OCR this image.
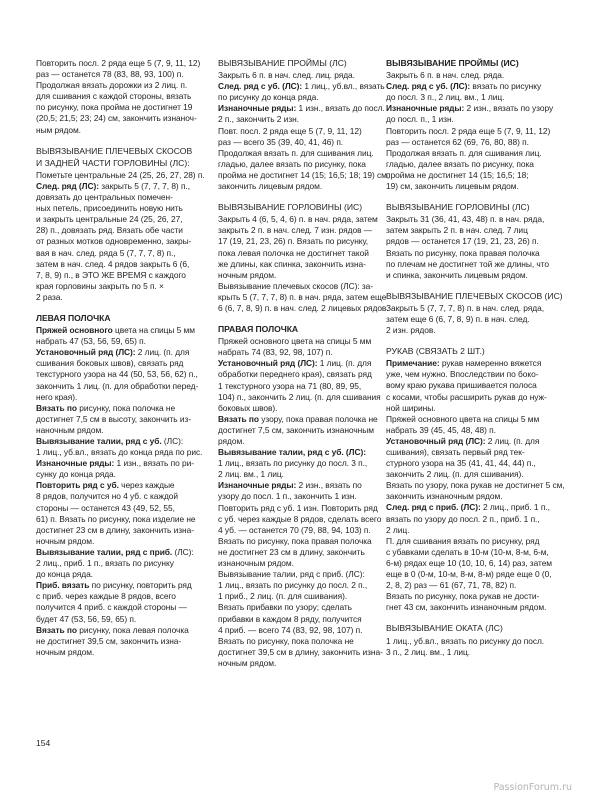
Повторить посл. 2 ряда еще 5 (7, 9, 11, 12)
раз — останется 78 (83, 88, 93, 100) п.
Продолжая вязать дорожки из 2 лиц. п.
для сшивания с каждой стороны, вязать
по рисунку, пока пройма не достигнет 19
(20,5; 21,5; 23; 24) см, закончить изнаноч-
ным рядом.
ВЫВЯЗЫВАНИЕ ПЛЕЧЕВЫХ СКОСОВ
И ЗАДНЕЙ ЧАСТИ ГОРЛОВИНЫ (ЛС):
Пометьте центральные 24 (25, 26, 27, 28) п.
След. ряд (ЛС): закрыть 5 (7, 7, 7, 8) п.,
довязать до центральных помечен-
ных петель, присоединить новую нить
и закрыть центральные 24 (25, 26, 27,
28) п., довязать ряд. Вязать обе части
от разных мотков одновременно, закры-
вая в нач. след. ряда 5 (7, 7, 7, 8) п.,
затем в нач. след. 4 рядов закрыть 6 (6,
7, 8, 9) п., в ЭТО ЖЕ ВРЕМЯ с каждого
края горловины закрыть по 5 п. ×
2 раза.
ЛЕВАЯ ПОЛОЧКА
Пряжей основного цвета на спицы 5 мм
набрать 47 (53, 56, 59, 65) п.
Установочный ряд (ЛС): 2 лиц. (п. для
сшивания боковых швов), связать ряд
текстурного узора на 44 (50, 53, 56, 62) п.,
закончить 1 лиц. (п. для обработки перед-
него края).
Вязать по рисунку, пока полочка не
достигнет 7,5 см в высоту, закончить из-
наночным рядом.
Вывязывание талии, ряд с уб. (ЛС):
1 лиц., уб.вл., вязать до конца ряда по рис.
Изнаночные ряды: 1 изн., вязать по ри-
сунку до конца ряда.
Повторить ряд с уб. через каждые
8 рядов, получится но 4 уб. с каждой
стороны — останется 43 (49, 52, 55,
61) п. Вязать по рисунку, пока изделие не
достигнет 23 см в длину, закончить изна-
ночным рядом.
Вывязывание талии, ряд с приб. (ЛС):
2 лиц., приб. 1 п., вязать по рисунку
до конца ряда.
Приб. вязать по рисунку, повторить ряд
с приб. через каждые 8 рядов, всего
получится 4 приб. с каждой стороны —
будет 47 (53, 56, 59, 65) п.
Вязать по рисунку, пока левая полочка
не достигнет 39,5 см, закончить изна-
ночным рядом.
ВЫВЯЗЫВАНИЕ ПРОЙМЫ (ЛС)
Закрыть 6 п. в нач. след. лиц. ряда.
След. ряд с уб. (ЛС): 1 лиц., уб.вл., вязать
по рисунку до конца ряда.
Изнаночные ряды: 1 изн., вязать до посл.
2 п., закончить 2 изн.
Повт. посл. 2 ряда еще 5 (7, 9, 11, 12)
раз — всего 35 (39, 40, 41, 46) п.
Продолжая вязать п. для сшивания лиц.
гладью, далее вязать по рисунку, пока
пройма не достигнет 14 (15; 16,5; 18; 19) см,
закончить лицевым рядом.
ВЫВЯЗЫВАНИЕ ГОРЛОВИНЫ (ИС)
Закрыть 4 (6, 5, 4, 6) п. в нач. ряда, затем
закрыть 2 п. в нач. след. 7 изн. рядов —
17 (19, 21, 23, 26) п. Вязать по рисунку,
пока левая полочка не достигнет такой
же длины, как спинка, закончить изна-
ночным рядом.
Вывязывание плечевых скосов (ЛС): за-
крыть 5 (7, 7, 7, 8) п. в нач. ряда, затем еще
6 (6, 7, 8, 9) п. в нач. след. 2 лицевых рядов.
ПРАВАЯ ПОЛОЧКА
Пряжей основного цвета на спицы 5 мм
набрать 74 (83, 92, 98, 107) п.
Установочный ряд (ЛС): 1 лиц. (п. для
обработки переднего края), связать ряд
1 текстурного узора на 71 (80, 89, 95,
104) п., закончить 2 лиц. (п. для сшивания
боковых швов).
Вязать по узору, пока правая полочка не
достигнет 7,5 см, закончить изнаночным
рядом.
Вывязывание талии, ряд с уб. (ЛС):
1 лиц., вязать по рисунку до посл. 3 п.,
2 лиц. вм., 1 лиц.
Изнаночные ряды: 2 изн., вязать по
узору до посл. 1 п., закончить 1 изн.
Повторить ряд с уб. 1 изн. Повторить ряд
с уб. через каждые 8 рядов, сделать всего
4 уб. — останется 70 (79, 88, 94, 103) п.
Вязать по рисунку, пока правая полочка
не достигнет 23 см в длину, закончить
изнаночным рядом.
Вывязывание талии, ряд с приб. (ЛС):
1 лиц., вязать по рисунку до посл. 2 п.,
1 приб., 2 лиц. (п. для сшивания).
Вязать прибавки по узору; сделать
прибавки в каждом 8 ряду, получится
4 приб. — всего 74 (83, 92, 98, 107) п.
Вязать по рисунку, пока полочка не
достигнет 39,5 см в длину, закончить изна-
ночным рядом.
ВЫВЯЗЫВАНИЕ ПРОЙМЫ (ИС)
Закрыть 6 п. в нач. след. ряда.
След. ряд с уб. (ЛС): вязать по рисунку
до посл. 3 п., 2 лиц. вм., 1 лиц.
Изнаночные ряды: 2 изн., вязать по узору
до посл. п., 1 изн.
Повторить посл. 2 ряда еще 5 (7, 9, 11, 12)
раз — останется 62 (69, 76, 80, 88) п.
Продолжая вязать п. для сшивания лиц.
гладью, далее вязать по рисунку, пока
пройма не достигнет 14 (15; 16,5; 18;
19) см, закончить лицевым рядом.
ВЫВЯЗЫВАНИЕ ГОРЛОВИНЫ (ЛС)
Закрыть 31 (36, 41, 43, 48) п. в нач. ряда,
затем закрыть 2 п. в нач. след. 7 лиц
рядов — останется 17 (19, 21, 23, 26) п.
Вязать по рисунку, пока правая полочка
по плечам не достигнет той же длины, что
и спинка, закончить лицевым рядом.
ВЫВЯЗЫВАНИЕ ПЛЕЧЕВЫХ СКОСОВ (ИС)
Закрыть 5 (7, 7, 7, 8) п. в нач. след. ряда,
затем еще 6 (6, 7, 8, 9) п. в нач. след.
2 изн. рядов.
РУКАВ (СВЯЗАТЬ 2 ШТ.)
Примечание: рукав намеренно вяжется
уже, чем нужно. Впоследствии по боко-
вому краю рукава пришивается полоса
с косами, чтобы расширить рукав до нуж-
ной ширины.
Пряжей основного цвета на спицы 5 мм
набрать 39 (45, 45, 48, 48) п.
Установочный ряд (ЛС): 2 лиц. (п. для
сшивания), связать первый ряд тек-
стурного узора на 35 (41, 41, 44, 44) п.,
закончить 2 лиц. (п. для сшивания).
Вязать по узору, пока рукав не достигнет 5 см,
закончить изнаночным рядом.
След. ряд с приб. (ЛС): 2 лиц., приб. 1 п.,
вязать по узору до посл. 2 п., приб. 1 п.,
2 лиц.
П. для сшивания вязать по рисунку, ряд
с убавками сделать в 10-м (10-м, 8-м, 6-м,
6-м) рядах еще 10 (10, 10, 6, 14) раз, затем
еще в 0 (0-м, 10-м, 8-м, 8-м) ряде еще 0 (0,
2, 8, 2) раз — 61 (67, 71, 78, 82) п.
Вязать по рисунку, пока рукав не дости-
гнет 43 см, закончить изнаночным рядом.
ВЫВЯЗЫВАНИЕ ОКАТА (ЛС)
1 лиц., уб.вл., вязать по рисунку до посл.
3 п., 2 лиц. вм., 1 лиц.
154
PassionForum.ru
